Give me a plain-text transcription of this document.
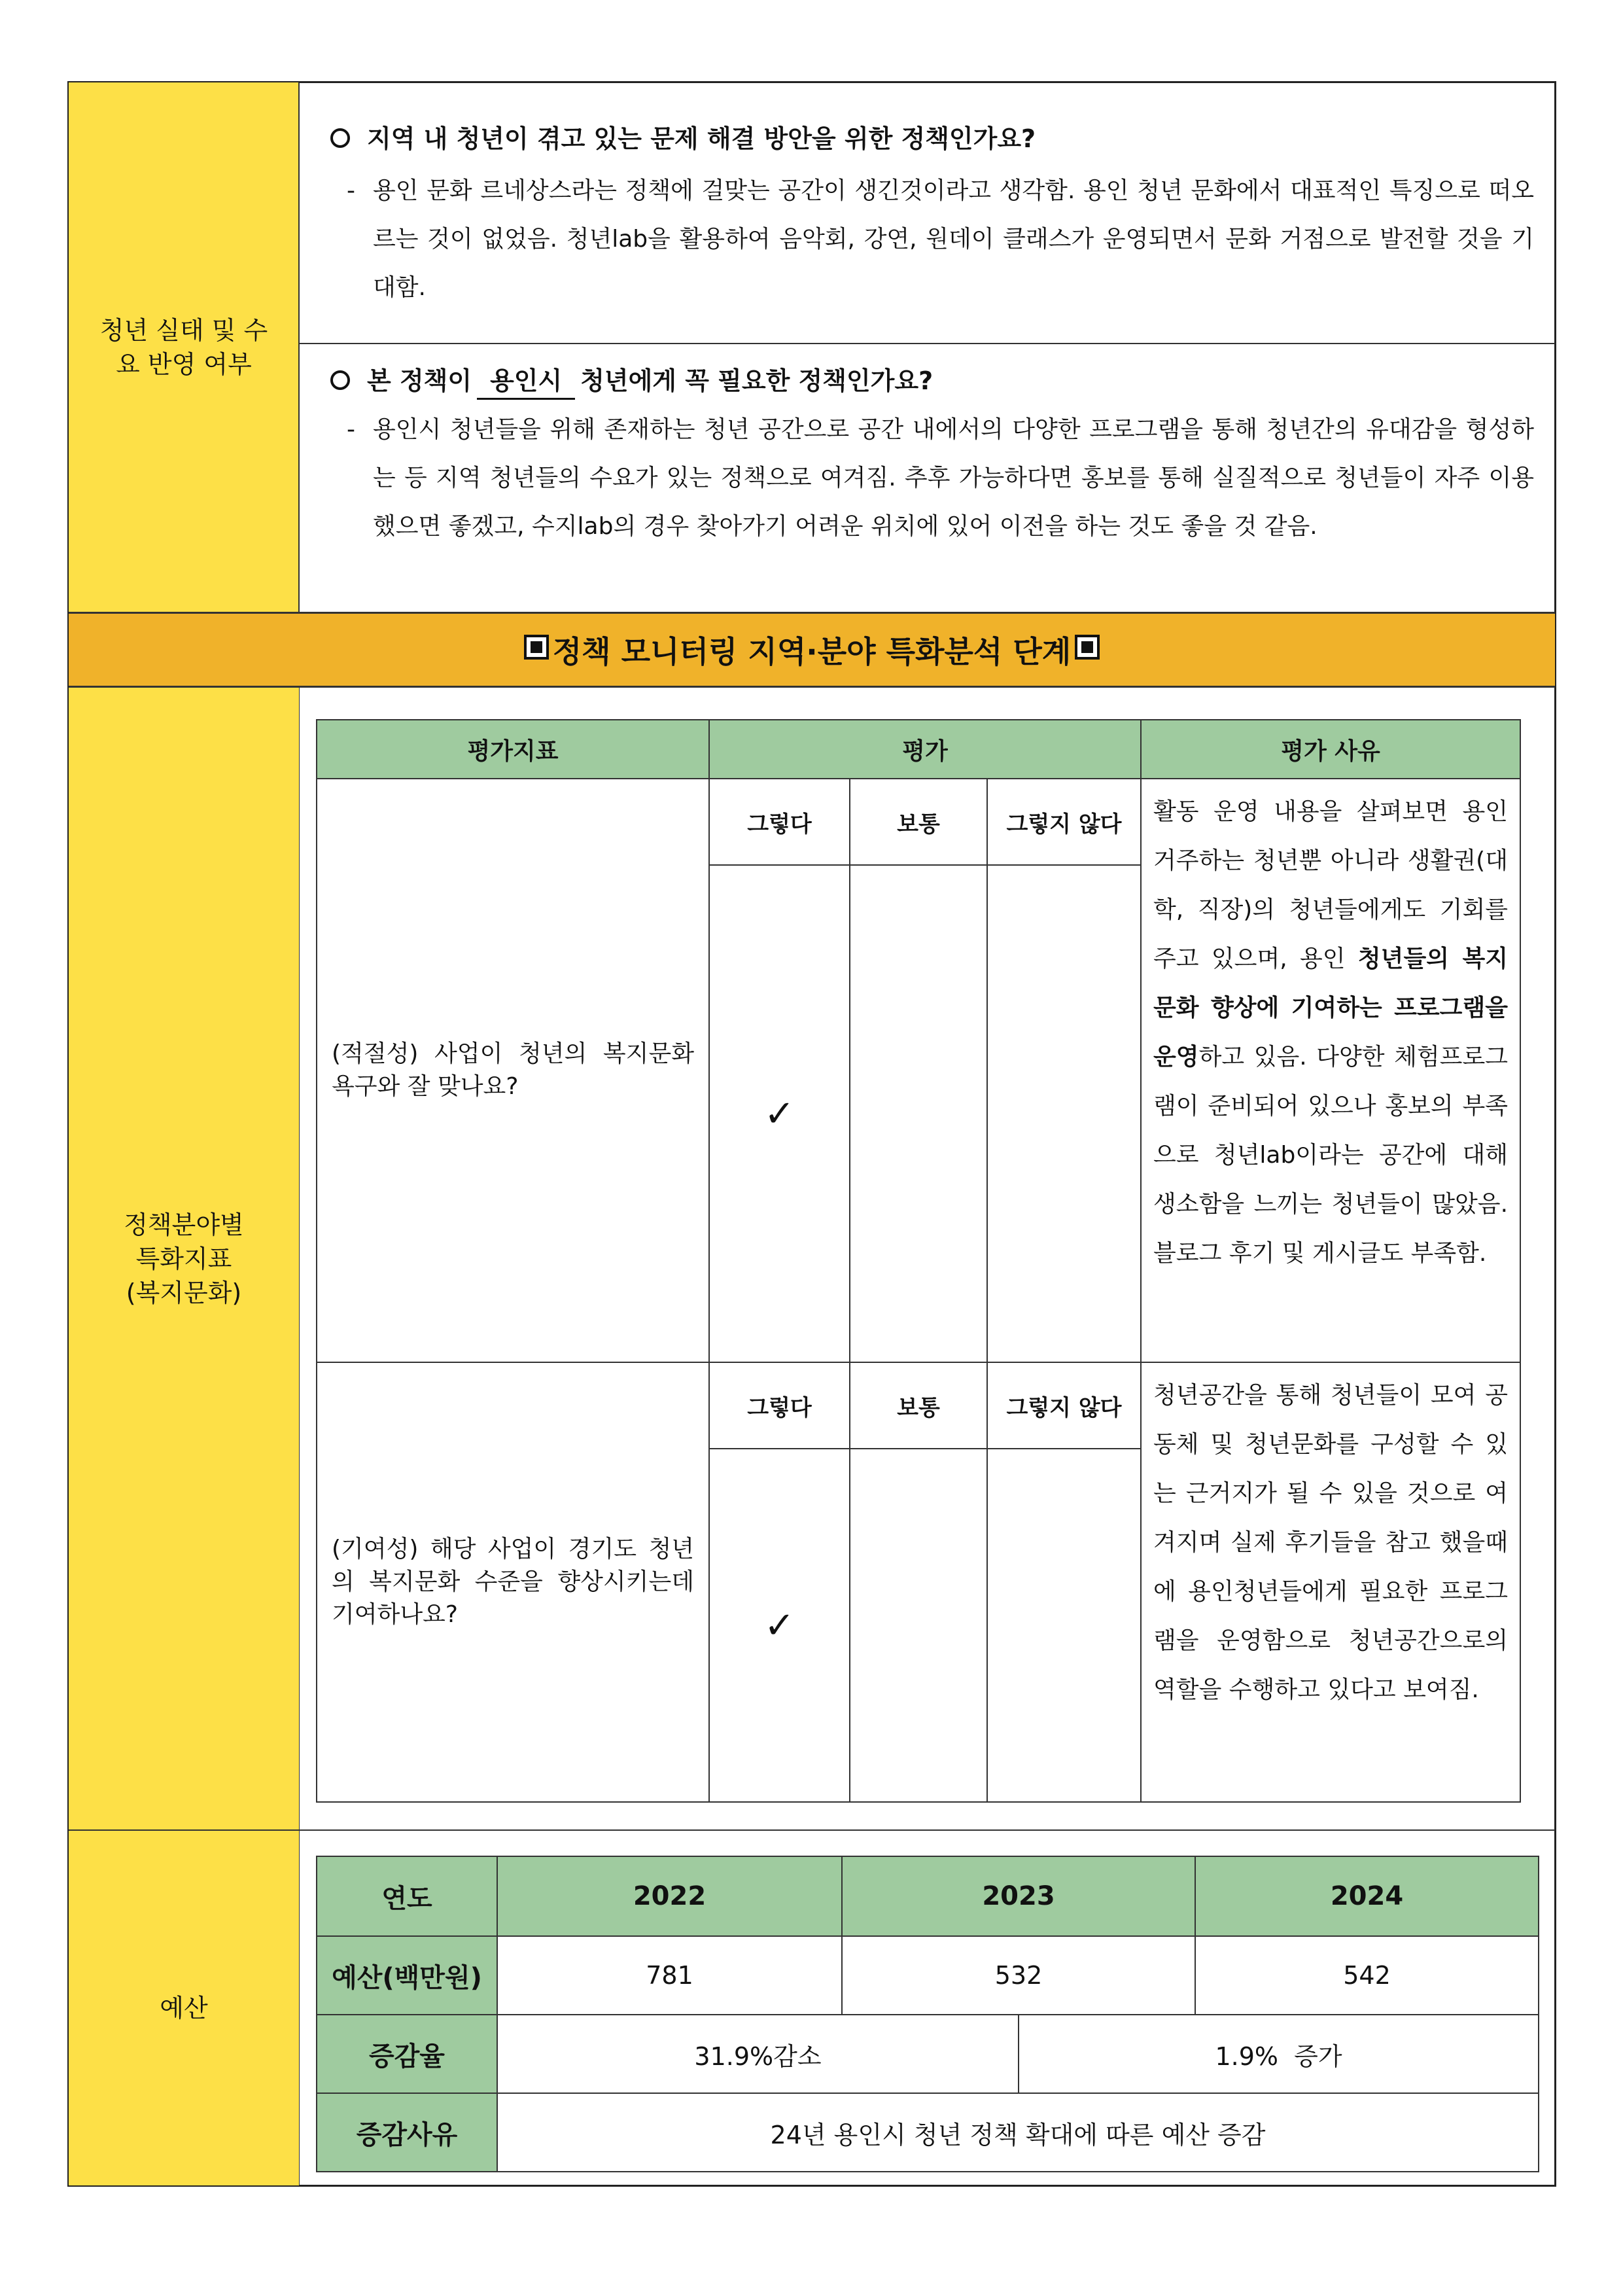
청년 실태 및 수요 반영 여부
지역 내 청년이 겪고 있는 문제 해결 방안을 위한 정책인가요?
- 용인 문화 르네상스라는 정책에 걸맞는 공간이 생긴것이라고 생각함. 용인 청년 문화에서 대표적인 특징으로 떠오르는 것이 없었음. 청년lab을 활용하여 음악회, 강연, 원데이 클래스가 운영되면서 문화 거점으로 발전할 것을 기대함.
본 정책이 용인시 청년에게 꼭 필요한 정책인가요?
- 용인시 청년들을 위해 존재하는 청년 공간으로 공간 내에서의 다양한 프로그램을 통해 청년간의 유대감을 형성하는 등 지역 청년들의 수요가 있는 정책으로 여겨짐. 추후 가능하다면 홍보를 통해 실질적으로 청년들이 자주 이용했으면 좋겠고, 수지lab의 경우 찾아가기 어려운 위치에 있어 이전을 하는 것도 좋을 것 같음.
정책 모니터링 지역·분야 특화분석 단계
정책분야별
특화지표
(복지문화)
평가지표	평가			평가 사유
(적절성) 사업이 청년의 복지문화 욕구와 잘 맞나요?	그렇다	보통	그렇지 않다	활동 운영 내용을 살펴보면 용인 거주하는 청년뿐 아니라 생활권(대학, 직장)의 청년들에게도 기회를 주고 있으며, 용인 청년들의 복지문화 향상에 기여하는 프로그램을 운영하고 있음. 다양한 체험프로그램이 준비되어 있으나 홍보의 부족으로 청년lab이라는 공간에 대해 생소함을 느끼는 청년들이 많았음. 블로그 후기 및 게시글도 부족함.
	✓			
(기여성) 해당 사업이 경기도 청년의 복지문화 수준을 향상시키는데 기여하나요?	그렇다	보통	그렇지 않다	청년공간을 통해 청년들이 모여 공동체 및 청년문화를 구성할 수 있는 근거지가 될 수 있을 것으로 여겨지며 실제 후기들을 참고 했을때에 용인청년들에게 필요한 프로그램을 운영함으로 청년공간으로의 역할을 수행하고 있다고 보여짐.
	✓			
예산
연도	2022	2023		2024
예산(백만원)	781	532		542
증감율	31.9%감소		1.9%  증가	
증감사유	24년 용인시 청년 정책 확대에 따른 예산 증감			
